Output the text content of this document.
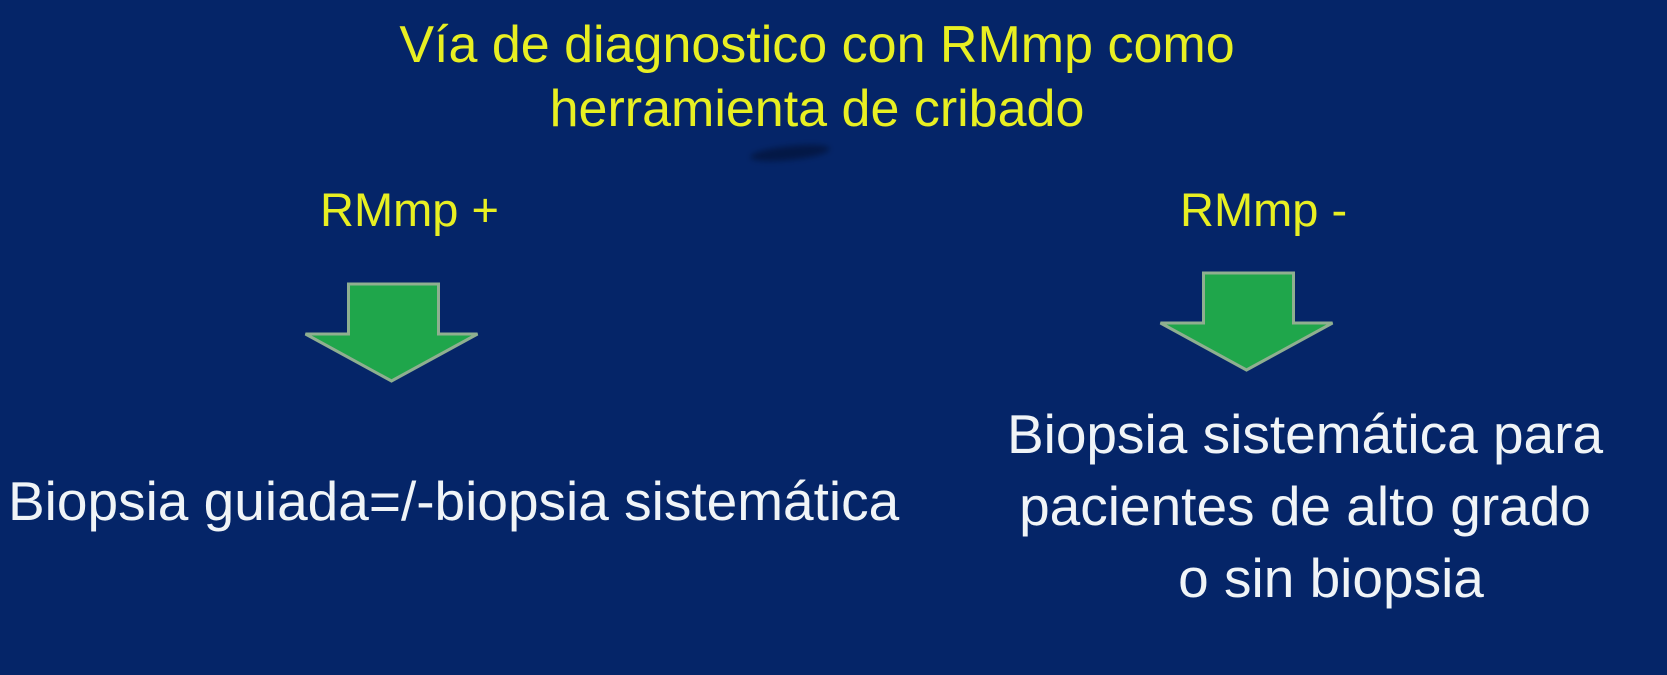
Vía de diagnostico con RMmp como
herramienta de cribado
RMmp +	RMmp -
Biopsia guiada=/-biopsia sistemática
Biopsia sistemática para
pacientes de alto grado
o sin biopsia
